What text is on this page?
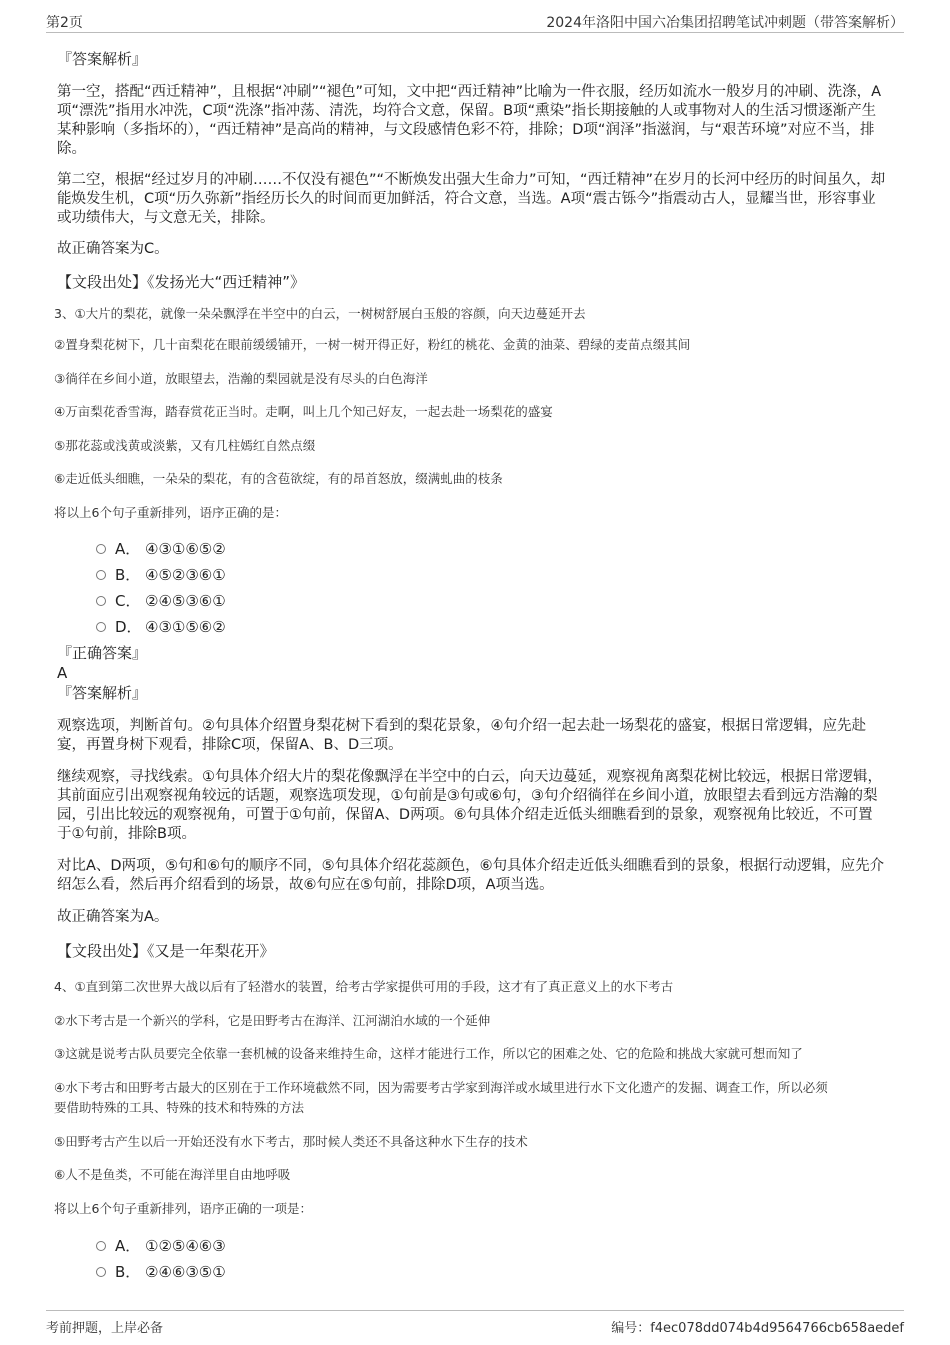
第2页	2024年洛阳中国六冶集团招聘笔试冲刺题（带答案解析）
『答案解析』
第一空，搭配“西迁精神”，且根据“冲刷”“褪色”可知，文中把“西迁精神”比喻为一件衣服，经历如流水一般岁月的冲刷、洗涤，A项“漂洗”指用水冲洗，C项“洗涤”指冲荡、清洗，均符合文意，保留。B项“熏染”指长期接触的人或事物对人的生活习惯逐渐产生某种影响（多指坏的），“西迁精神”是高尚的精神，与文段感情色彩不符，排除；D项“润泽”指滋润，与“艰苦环境”对应不当，排除。
第二空，根据“经过岁月的冲刷……不仅没有褪色”“不断焕发出强大生命力”可知，“西迁精神”在岁月的长河中经历的时间虽久，却能焕发生机，C项“历久弥新”指经历长久的时间而更加鲜活，符合文意，当选。A项“震古铄今”指震动古人，显耀当世，形容事业或功绩伟大，与文意无关，排除。
故正确答案为C。
【文段出处】《发扬光大“西迁精神”》
3、①大片的梨花，就像一朵朵飘浮在半空中的白云，一树树舒展白玉般的容颜，向天边蔓延开去
②置身梨花树下，几十亩梨花在眼前缓缓铺开，一树一树开得正好，粉红的桃花、金黄的油菜、碧绿的麦苗点缀其间
③徜徉在乡间小道，放眼望去，浩瀚的梨园就是没有尽头的白色海洋
④万亩梨花香雪海，踏春赏花正当时。走啊，叫上几个知己好友，一起去赴一场梨花的盛宴
⑤那花蕊或浅黄或淡紫，又有几柱嫣红自然点缀
⑥走近低头细瞧，一朵朵的梨花，有的含苞欲绽，有的昂首怒放，缀满虬曲的枝条
将以上6个句子重新排列，语序正确的是：
A． ④③①⑥⑤②
B． ④⑤②③⑥①
C． ②④⑤③⑥①
D． ④③①⑤⑥②
『正确答案』
A
『答案解析』
观察选项，判断首句。②句具体介绍置身梨花树下看到的梨花景象，④句介绍一起去赴一场梨花的盛宴，根据日常逻辑，应先赴宴，再置身树下观看，排除C项，保留A、B、D三项。
继续观察，寻找线索。①句具体介绍大片的梨花像飘浮在半空中的白云，向天边蔓延，观察视角离梨花树比较远，根据日常逻辑，其前面应引出观察视角较远的话题，观察选项发现，①句前是③句或⑥句，③句介绍徜徉在乡间小道，放眼望去看到远方浩瀚的梨园，引出比较远的观察视角，可置于①句前，保留A、D两项。⑥句具体介绍走近低头细瞧看到的景象，观察视角比较近，不可置于①句前，排除B项。
对比A、D两项，⑤句和⑥句的顺序不同，⑤句具体介绍花蕊颜色，⑥句具体介绍走近低头细瞧看到的景象，根据行动逻辑，应先介绍怎么看，然后再介绍看到的场景，故⑥句应在⑤句前，排除D项，A项当选。
故正确答案为A。
【文段出处】《又是一年梨花开》
4、①直到第二次世界大战以后有了轻潜水的装置，给考古学家提供可用的手段，这才有了真正意义上的水下考古
②水下考古是一个新兴的学科，它是田野考古在海洋、江河湖泊水域的一个延伸
③这就是说考古队员要完全依靠一套机械的设备来维持生命，这样才能进行工作，所以它的困难之处、它的危险和挑战大家就可想而知了
④水下考古和田野考古最大的区别在于工作环境截然不同，因为需要考古学家到海洋或水域里进行水下文化遗产的发掘、调查工作，所以必须
要借助特殊的工具、特殊的技术和特殊的方法
⑤田野考古产生以后一开始还没有水下考古，那时候人类还不具备这种水下生存的技术
⑥人不是鱼类，不可能在海洋里自由地呼吸
将以上6个句子重新排列，语序正确的一项是：
A． ①②⑤④⑥③
B． ②④⑥③⑤①
考前押题，上岸必备	编号：f4ec078dd074b4d9564766cb658aedef
